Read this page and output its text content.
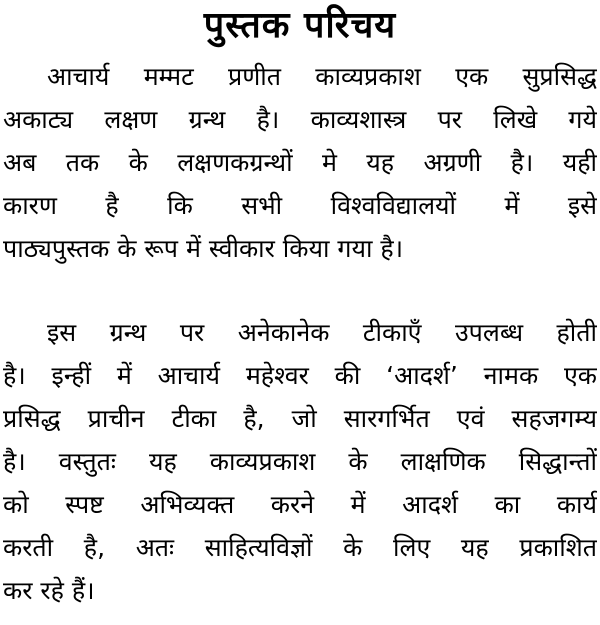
पुस्तक परिचय
आचार्य मम्मट प्रणीत काव्यप्रकाश एक सुप्रसिद्ध
अकाट्य लक्षण ग्रन्थ है। काव्यशास्त्र पर लिखे गये
अब तक के लक्षणकग्रन्थों मे यह अग्रणी है। यही
कारण है कि सभी विश्वविद्यालयों में इसे
पाठ्यपुस्तक के रूप में स्वीकार किया गया है।
इस ग्रन्थ पर अनेकानेक टीकाएँ उपलब्ध होती
है। इन्हीं में आचार्य महेश्वर की ‘आदर्श’ नामक एक
प्रसिद्ध प्राचीन टीका है, जो सारगर्भित एवं सहजगम्य
है। वस्तुतः यह काव्यप्रकाश के लाक्षणिक सिद्धान्तों
को स्पष्ट अभिव्यक्त करने में आदर्श का कार्य
करती है, अतः साहित्यविज्ञों के लिए यह प्रकाशित
कर रहे हैं।
